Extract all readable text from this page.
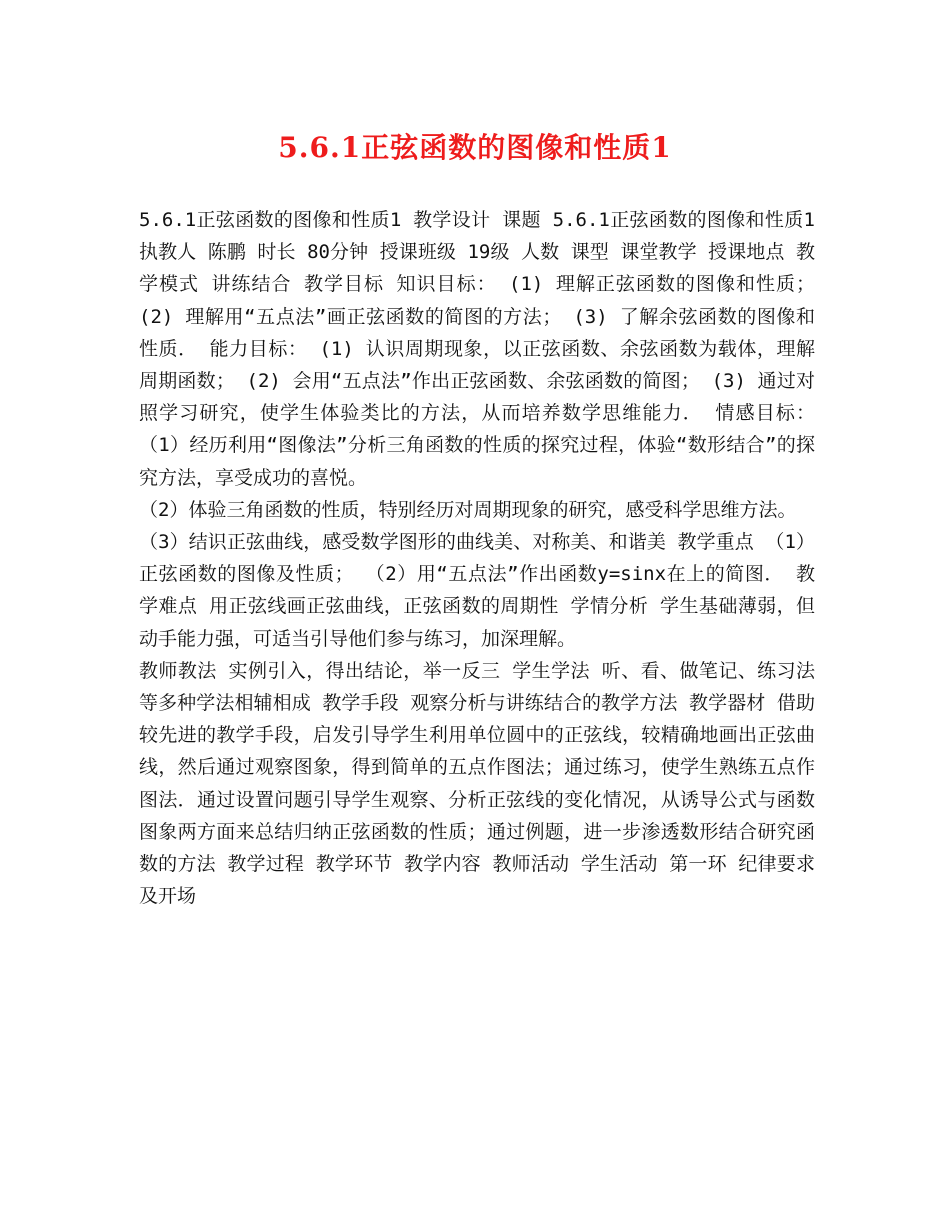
5.6.1正弦函数的图像和性质1

5.6.1正弦函数的图像和性质1 教学设计 课题 5.6.1正弦函数的图像和性质1 执教人 陈鹏 时长 80分钟 授课班级 19级 人数 课型 课堂教学 授课地点 教学模式 讲练结合 教学目标 知识目标： (1) 理解正弦函数的图像和性质； (2) 理解用“五点法”画正弦函数的简图的方法； (3) 了解余弦函数的图像和性质． 能力目标： (1) 认识周期现象，以正弦函数、余弦函数为载体，理解周期函数； (2) 会用“五点法”作出正弦函数、余弦函数的简图； (3) 通过对照学习研究，使学生体验类比的方法，从而培养数学思维能力． 情感目标： （1）经历利用“图像法”分析三角函数的性质的探究过程，体验“数形结合”的探究方法，享受成功的喜悦。

（2）体验三角函数的性质，特别经历对周期现象的研究，感受科学思维方法。

（3）结识正弦曲线，感受数学图形的曲线美、对称美、和谐美 教学重点 （1）正弦函数的图像及性质； （2）用“五点法”作出函数y=sinx在上的简图． 教学难点 用正弦线画正弦曲线，正弦函数的周期性 学情分析 学生基础薄弱，但动手能力强，可适当引导他们参与练习，加深理解。

教师教法 实例引入，得出结论，举一反三 学生学法 听、看、做笔记、练习法等多种学法相辅相成 教学手段 观察分析与讲练结合的教学方法 教学器材 借助较先进的教学手段，启发引导学生利用单位圆中的正弦线，较精确地画出正弦曲线，然后通过观察图象，得到简单的五点作图法；通过练习，使学生熟练五点作图法．通过设置问题引导学生观察、分析正弦线的变化情况，从诱导公式与函数图象两方面来总结归纳正弦函数的性质；通过例题，进一步渗透数形结合研究函数的方法 教学过程 教学环节 教学内容 教师活动 学生活动 第一环 纪律要求及开场
